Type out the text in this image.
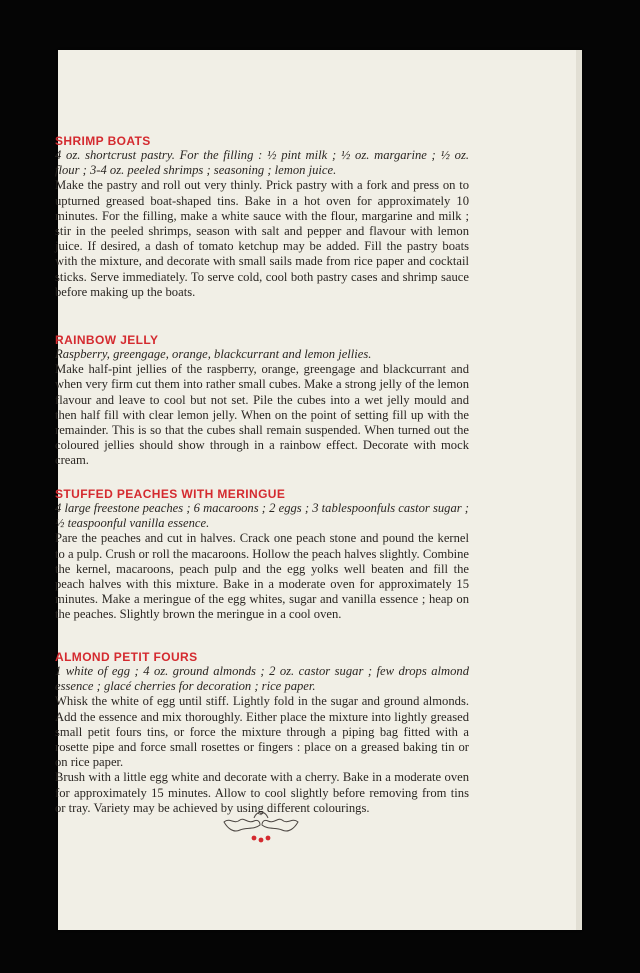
SHRIMP BOATS

4 oz. shortcrust pastry. For the filling : ½ pint milk ; ½ oz. margarine ; ½ oz. flour ; 3-4 oz. peeled shrimps ; seasoning ; lemon juice.

Make the pastry and roll out very thinly. Prick pastry with a fork and press on to upturned greased boat-shaped tins. Bake in a hot oven for approximately 10 minutes. For the filling, make a white sauce with the flour, margarine and milk ; stir in the peeled shrimps, season with salt and pepper and flavour with lemon juice. If desired, a dash of tomato ketchup may be added. Fill the pastry boats with the mixture, and decorate with small sails made from rice paper and cocktail sticks. Serve immediately. To serve cold, cool both pastry cases and shrimp sauce before making up the boats.

RAINBOW JELLY

Raspberry, greengage, orange, blackcurrant and lemon jellies.

Make half-pint jellies of the raspberry, orange, greengage and blackcurrant and when very firm cut them into rather small cubes. Make a strong jelly of the lemon flavour and leave to cool but not set. Pile the cubes into a wet jelly mould and then half fill with clear lemon jelly. When on the point of setting fill up with the remainder. This is so that the cubes shall remain suspended. When turned out the coloured jellies should show through in a rainbow effect. Decorate with mock cream.

STUFFED PEACHES WITH MERINGUE

4 large freestone peaches ; 6 macaroons ; 2 eggs ; 3 tablespoonfuls castor sugar ; ½ teaspoonful vanilla essence.

Pare the peaches and cut in halves. Crack one peach stone and pound the kernel to a pulp. Crush or roll the macaroons. Hollow the peach halves slightly. Combine the kernel, macaroons, peach pulp and the egg yolks well beaten and fill the peach halves with this mixture. Bake in a moderate oven for approximately 15 minutes. Make a meringue of the egg whites, sugar and vanilla essence ; heap on the peaches. Slightly brown the meringue in a cool oven.

ALMOND PETIT FOURS

1 white of egg ; 4 oz. ground almonds ; 2 oz. castor sugar ; few drops almond essence ; glacé cherries for decoration ; rice paper.

Whisk the white of egg until stiff. Lightly fold in the sugar and ground almonds. Add the essence and mix thoroughly. Either place the mixture into lightly greased small petit fours tins, or force the mixture through a piping bag fitted with a rosette pipe and force small rosettes or fingers : place on a greased baking tin or on rice paper.

Brush with a little egg white and decorate with a cherry. Bake in a moderate oven for approximately 15 minutes. Allow to cool slightly before removing from tins or tray. Variety may be achieved by using different colourings.
